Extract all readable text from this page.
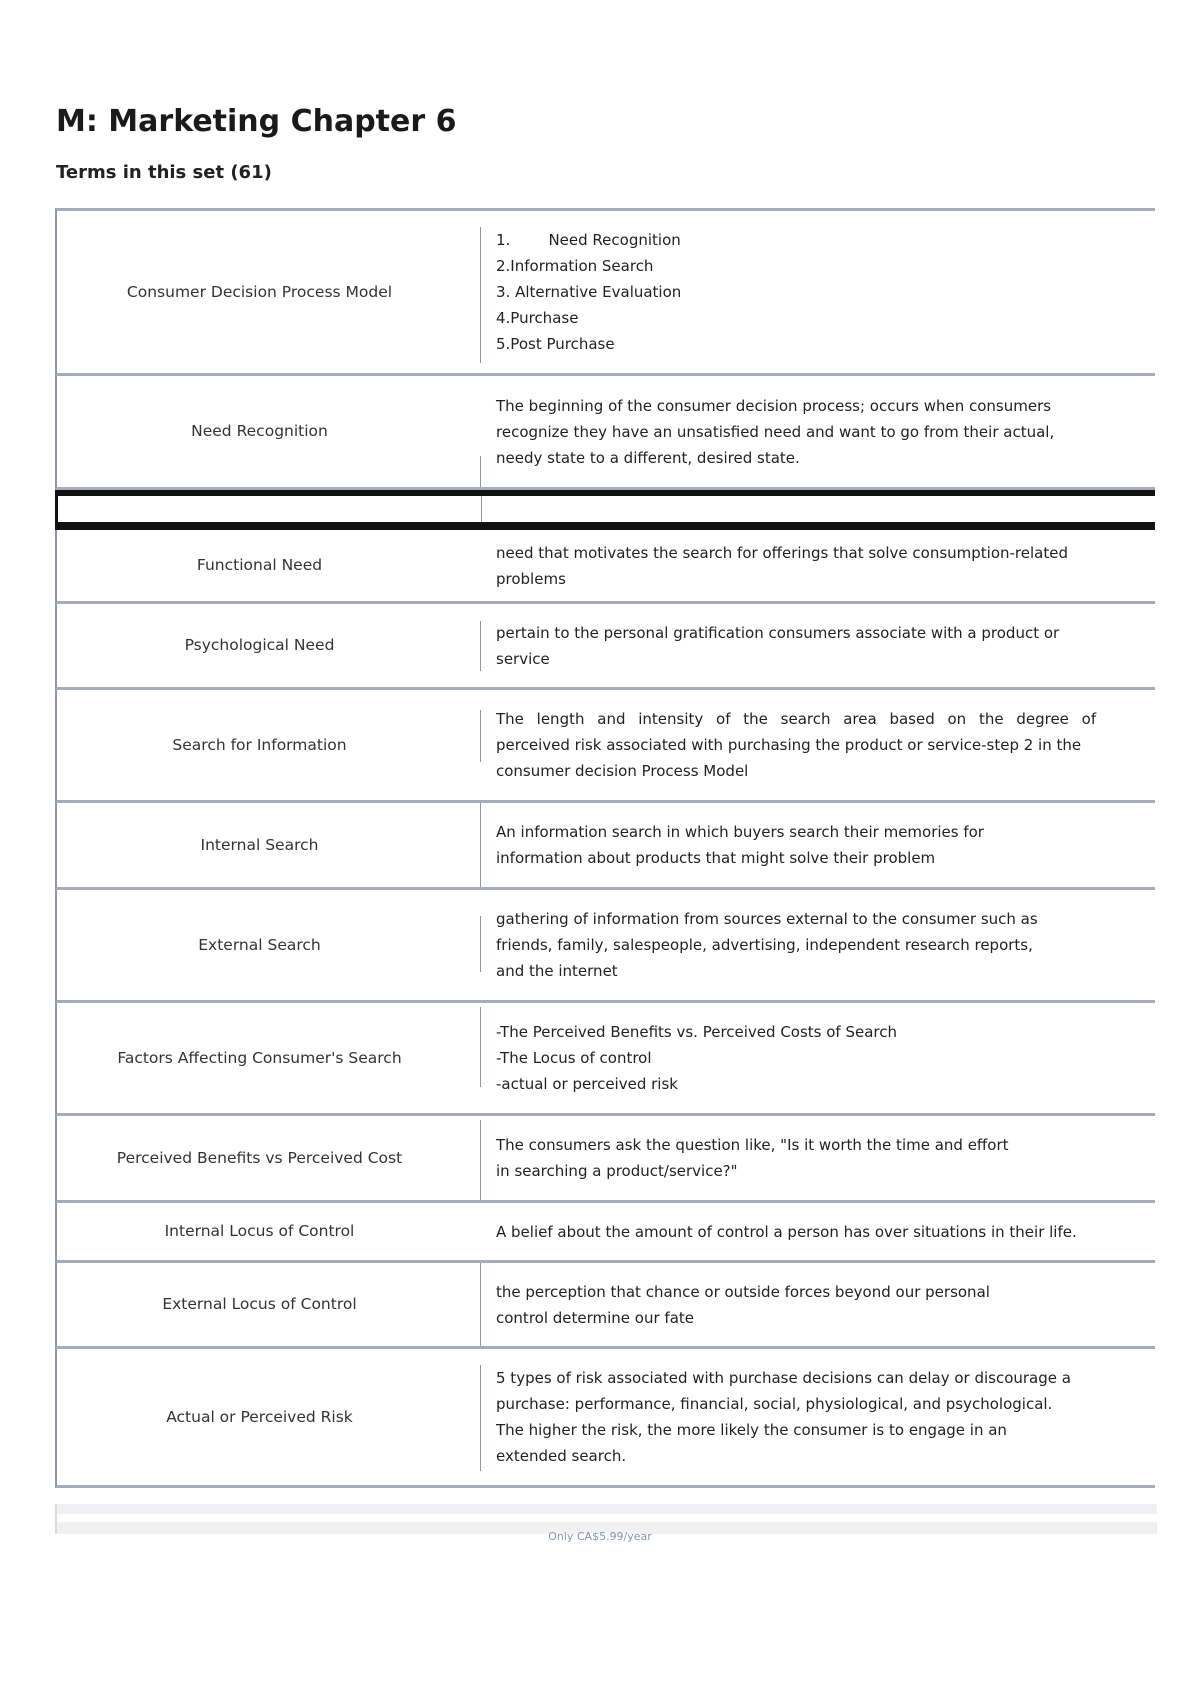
M: Marketing Chapter 6
Terms in this set (61)
Consumer Decision Process Model
1.        Need Recognition
2.Information Search
3. Alternative Evaluation
4.Purchase
5.Post Purchase
Need Recognition
The beginning of the consumer decision process; occurs when consumers
recognize they have an unsatisfied need and want to go from their actual,
needy state to a different, desired state.
Functional Need
need that motivates the search for offerings that solve consumption-related
problems
Psychological Need
pertain to the personal gratification consumers associate with a product or
service
Search for Information
The length and intensity of the search area based on the degree of
perceived risk associated with purchasing the product or service-step 2 in the
consumer decision Process Model
Internal Search
An information search in which buyers search their memories for
information about products that might solve their problem
External Search
gathering of information from sources external to the consumer such as
friends, family, salespeople, advertising, independent research reports,
and the internet
Factors Affecting Consumer's Search
-The Perceived Benefits vs. Perceived Costs of Search
-The Locus of control
-actual or perceived risk
Perceived Benefits vs Perceived Cost
The consumers ask the question like, "Is it worth the time and effort
in searching a product/service?"
Internal Locus of Control	A belief about the amount of control a person has over situations in their life.
External Locus of Control
the perception that chance or outside forces beyond our personal
control determine our fate
Actual or Perceived Risk
5 types of risk associated with purchase decisions can delay or discourage a
purchase: performance, financial, social, physiological, and psychological.
The higher the risk, the more likely the consumer is to engage in an
extended search.
Only CA$5.99/year
